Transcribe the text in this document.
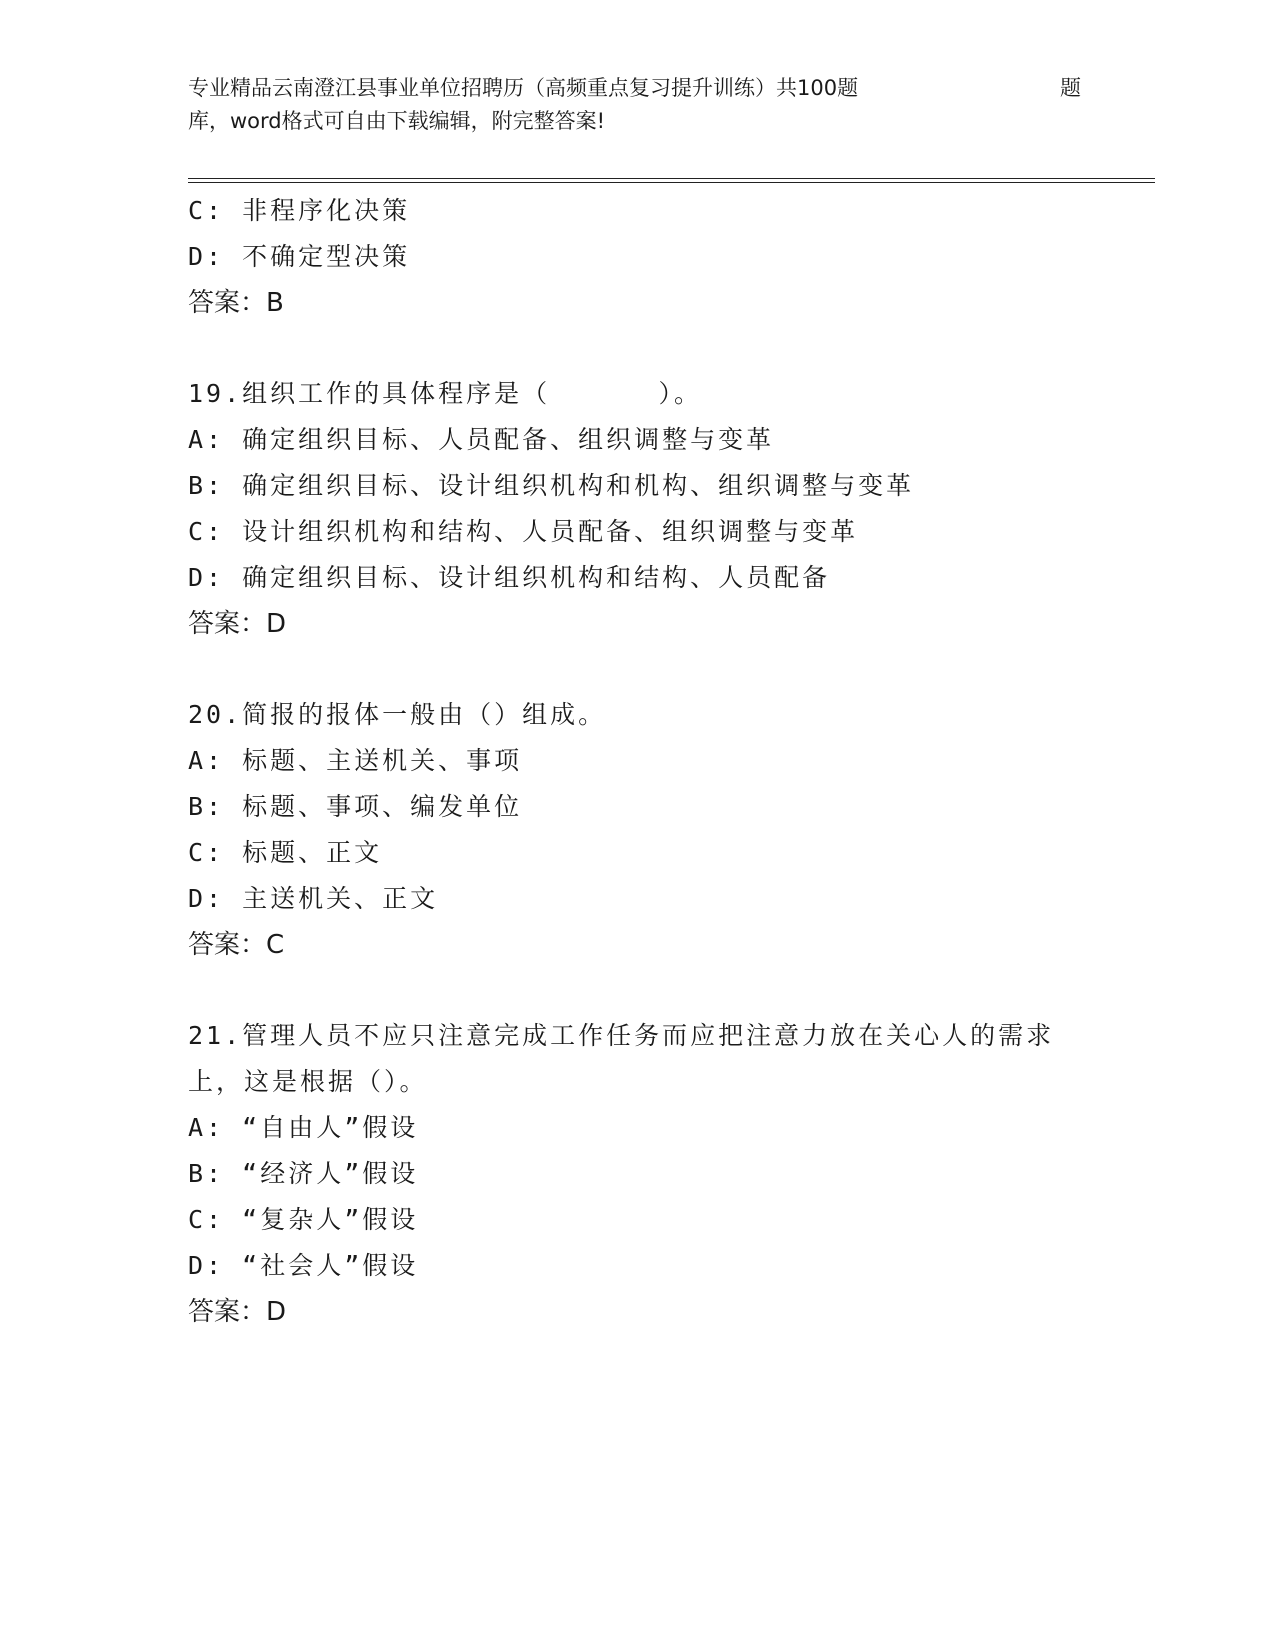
专业精品云南澄江县事业单位招聘历（高频重点复习提升训练）共100题	题
库，word格式可自由下载编辑，附完整答案!
C: 非程序化决策
D: 不确定型决策
答案：B
19.组织工作的具体程序是（      ）。
A: 确定组织目标、人员配备、组织调整与变革
B: 确定组织目标、设计组织机构和机构、组织调整与变革
C: 设计组织机构和结构、人员配备、组织调整与变革
D: 确定组织目标、设计组织机构和结构、人员配备
答案：D
20.简报的报体一般由（）组成。
A: 标题、主送机关、事项
B: 标题、事项、编发单位
C: 标题、正文
D: 主送机关、正文
答案：C
21.管理人员不应只注意完成工作任务而应把注意力放在关心人的需求
上，这是根据（）。
A: “自由人”假设
B: “经济人”假设
C: “复杂人”假设
D: “社会人”假设
答案：D
